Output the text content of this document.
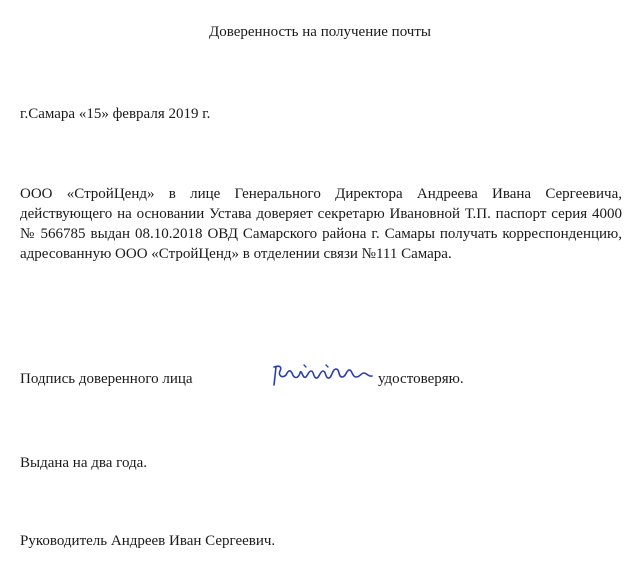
Доверенность на получение почты
г.Самара «15» февраля 2019 г.
ООО «СтройЦенд» в лице Генерального Директора Андреева Ивана Сергеевича, действующего на основании Устава доверяет секретарю Ивановной Т.П. паспорт серия 4000 № 566785 выдан 08.10.2018 ОВД Самарского района г. Самары получать корреспонденцию, адресованную ООО «СтройЦенд» в отделении связи №111 Самара.
Подпись доверенного лица	удостоверяю.
Выдана на два года.
Руководитель Андреев Иван Сергеевич.
